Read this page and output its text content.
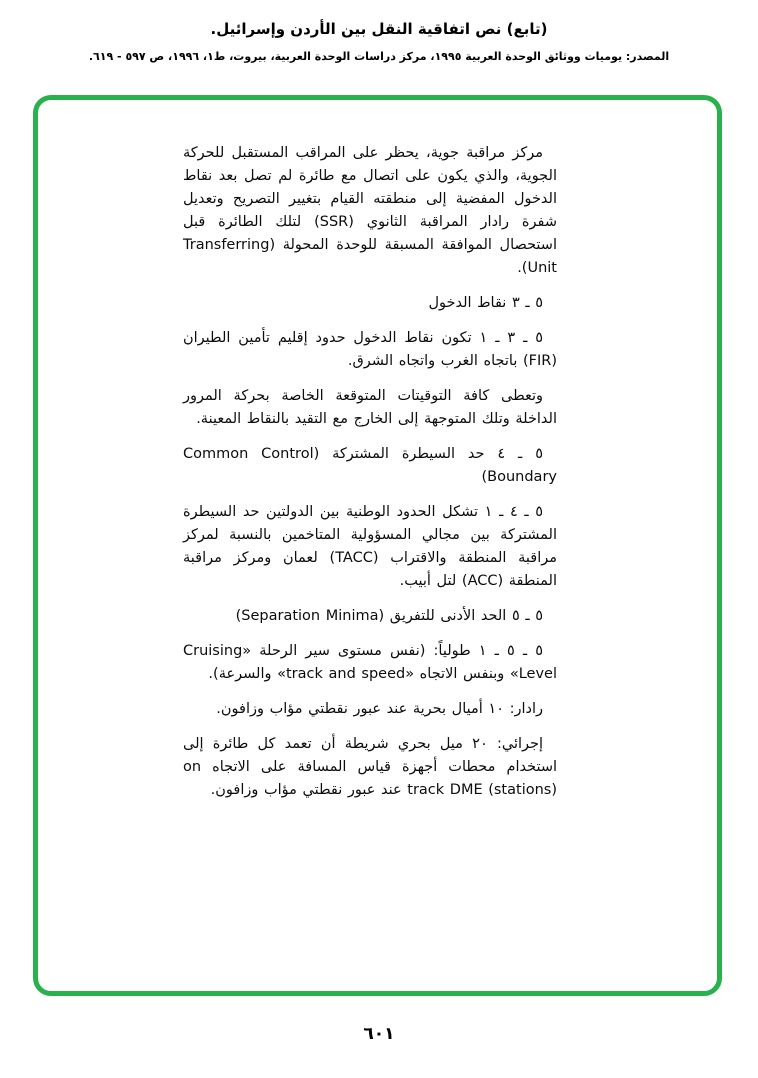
(تابع) نص اتفاقية النقل بين الأردن وإسرائيل.
المصدر: يوميات ووثائق الوحدة العربية ١٩٩٥، مركز دراسات الوحدة العربية، بيروت، ط١، ١٩٩٦، ص ٥٩٧ - ٦١٩.

مركز مراقبة جوية، يحظر على المراقب المستقبل للحركة الجوية، والذي يكون على اتصال مع طائرة لم تصل بعد نقاط الدخول المفضية إلى منطقته القيام بتغيير التصريح وتعديل شفرة رادار المراقبة الثانوي (SSR) لتلك الطائرة قبل استحصال الموافقة المسبقة للوحدة المحولة (Transferring Unit).

٥ ـ ٣ نقاط الدخول

٥ ـ ٣ ـ ١ تكون نقاط الدخول حدود إقليم تأمين الطيران (FIR) باتجاه الغرب واتجاه الشرق.

وتعطى كافة التوقيتات المتوقعة الخاصة بحركة المرور الداخلة وتلك المتوجهة إلى الخارج مع التقيد بالنقاط المعينة.

٥ ـ ٤ حد السيطرة المشتركة (Common Control Boundary)

٥ ـ ٤ ـ ١ تشكل الحدود الوطنية بين الدولتين حد السيطرة المشتركة بين مجالي المسؤولية المتاخمين بالنسبة لمركز مراقبة المنطقة والاقتراب (TACC) لعمان ومركز مراقبة المنطقة (ACC) لتل أبيب.

٥ ـ ٥ الحد الأدنى للتفريق (Separation Minima)

٥ ـ ٥ ـ ١ طولياً: (نفس مستوى سير الرحلة «Cruising Level» وبنفس الاتجاه «track and speed» والسرعة).

رادار: ١٠ أميال بحرية عند عبور نقطتي مؤاب وزافون.

إجرائي: ٢٠ ميل بحري شريطة أن تعمد كل طائرة إلى استخدام محطات أجهزة قياس المسافة على الاتجاه on track DME (stations) عند عبور نقطتي مؤاب وزافون.

٦٠١
